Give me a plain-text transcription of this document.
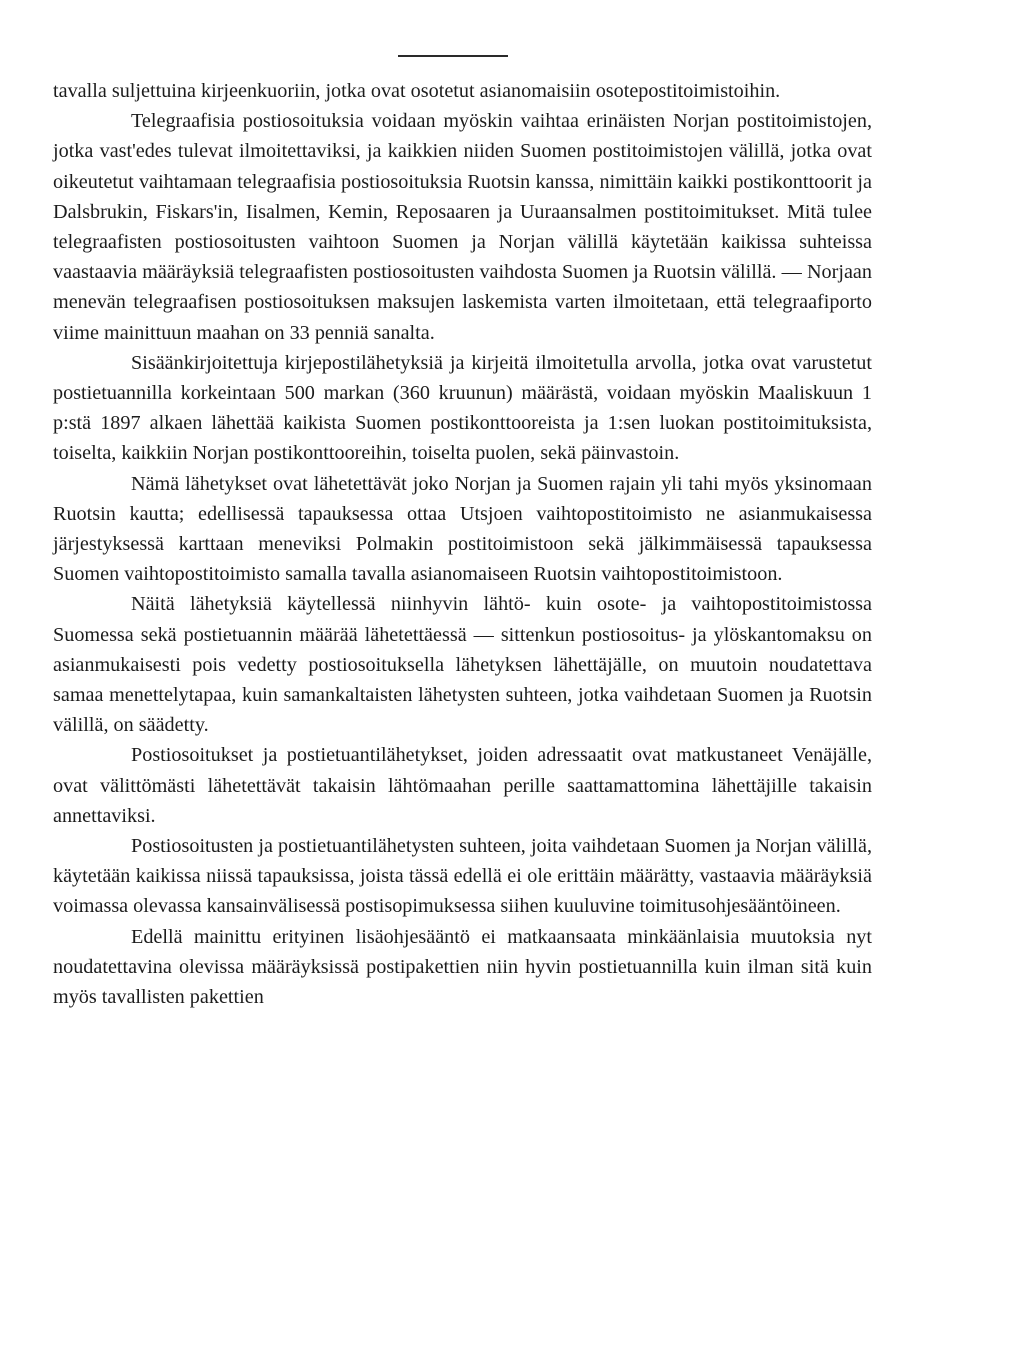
tavalla suljettuina kirjeenkuoriin, jotka ovat osotetut asianomaisiin osotepostitoimistoihin.

Telegraafisia postiosoituksia voidaan myöskin vaihtaa erinäisten Norjan postitoimistojen, jotka vast'edes tulevat ilmoitettaviksi, ja kaikkien niiden Suomen postitoimistojen välillä, jotka ovat oikeutetut vaihtamaan telegraafisia postiosoituksia Ruotsin kanssa, nimittäin kaikki postikonttoorit ja Dalsbrukin, Fiskars'in, Iisalmen, Kemin, Reposaaren ja Uuraansalmen postitoimitukset. Mitä tulee telegraafisten postiosoitusten vaihtoon Suomen ja Norjan välillä käytetään kaikissa suhteissa vaastaavia määräyksiä telegraafisten postiosoitusten vaihdosta Suomen ja Ruotsin välillä. — Norjaan menevän telegraafisen postiosoituksen maksujen laskemista varten ilmoitetaan, että telegraafiporto viime mainittuun maahan on 33 penniä sanalta.

Sisäänkirjoitettuja kirjepostilähetyksiä ja kirjeitä ilmoitetulla arvolla, jotka ovat varustetut postietuannilla korkeintaan 500 markan (360 kruunun) määrästä, voidaan myöskin Maaliskuun 1 p:stä 1897 alkaen lähettää kaikista Suomen postikonttooreista ja 1:sen luokan postitoimituksista, toiselta, kaikkiin Norjan postikonttooreihin, toiselta puolen, sekä päinvastoin.

Nämä lähetykset ovat lähetettävät joko Norjan ja Suomen rajain yli tahi myös yksinomaan Ruotsin kautta; edellisessä tapauksessa ottaa Utsjoen vaihtopostitoimisto ne asianmukaisessa järjestyksessä karttaan meneviksi Polmakin postitoimistoon sekä jälkimmäisessä tapauksessa Suomen vaihtopostitoimisto samalla tavalla asianomaiseen Ruotsin vaihtopostitoimistoon.

Näitä lähetyksiä käytellessä niinhyvin lähtö- kuin osote- ja vaihtopostitoimistossa Suomessa sekä postietuannin määrää lähetettäessä — sittenkun postiosoitus- ja ylöskantomaksu on asianmukaisesti pois vedetty postiosoituksella lähetyksen lähettäjälle, on muutoin noudatettava samaa menettelytapaa, kuin samankaltaisten lähetysten suhteen, jotka vaihdetaan Suomen ja Ruotsin välillä, on säädetty.

Postiosoitukset ja postietuantilähetykset, joiden adressaatit ovat matkustaneet Venäjälle, ovat välittömästi lähetettävät takaisin lähtömaahan perille saattamattomina lähettäjille takaisin annettaviksi.

Postiosoitusten ja postietuantilähetysten suhteen, joita vaihdetaan Suomen ja Norjan välillä, käytetään kaikissa niissä tapauksissa, joista tässä edellä ei ole erittäin määrätty, vastaavia määräyksiä voimassa olevassa kansainvälisessä postisopimuksessa siihen kuuluvine toimitusohjesääntöineen.

Edellä mainittu erityinen lisäohjesääntö ei matkaansaata minkäänlaisia muutoksia nyt noudatettavina olevissa määräyksissä postipakettien niin hyvin postietuannilla kuin ilman sitä kuin myös tavallisten pakettien
